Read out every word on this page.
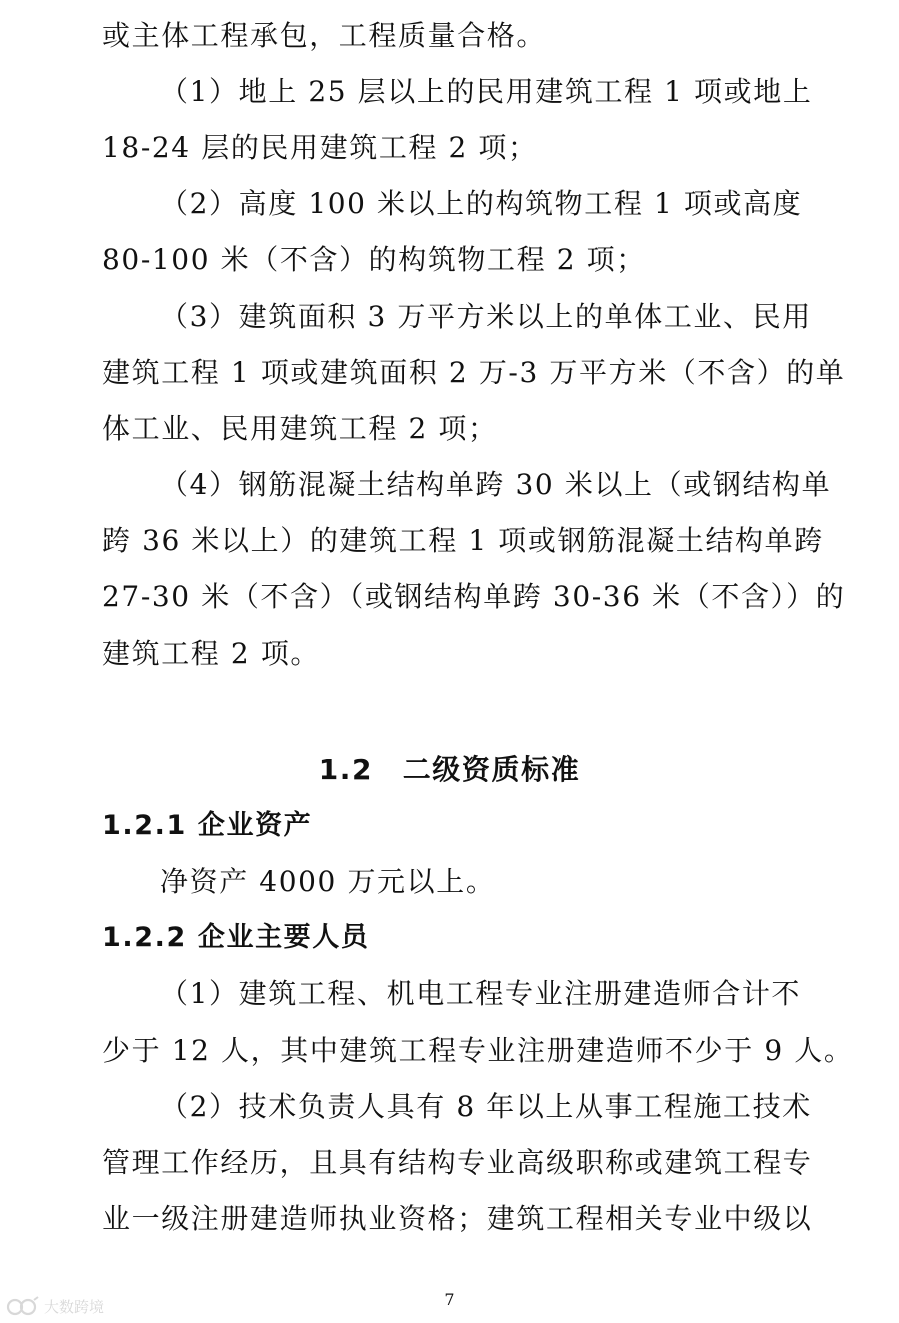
或主体工程承包，工程质量合格。
（1）地上 25 层以上的民用建筑工程 1 项或地上
18-24 层的民用建筑工程 2 项；
（2）高度 100 米以上的构筑物工程 1 项或高度
80-100 米（不含）的构筑物工程 2 项；
（3）建筑面积 3 万平方米以上的单体工业、民用
建筑工程 1 项或建筑面积 2 万-3 万平方米（不含）的单
体工业、民用建筑工程 2 项；
（4）钢筋混凝土结构单跨 30 米以上（或钢结构单
跨 36 米以上）的建筑工程 1 项或钢筋混凝土结构单跨
27-30 米（不含）（或钢结构单跨 30-36 米（不含））的
建筑工程 2 项。
1.2　二级资质标准
1.2.1 企业资产
净资产 4000 万元以上。
1.2.2 企业主要人员
（1）建筑工程、机电工程专业注册建造师合计不
少于 12 人，其中建筑工程专业注册建造师不少于 9 人。
（2）技术负责人具有 8 年以上从事工程施工技术
管理工作经历，且具有结构专业高级职称或建筑工程专
业一级注册建造师执业资格；建筑工程相关专业中级以
7
大数跨境
